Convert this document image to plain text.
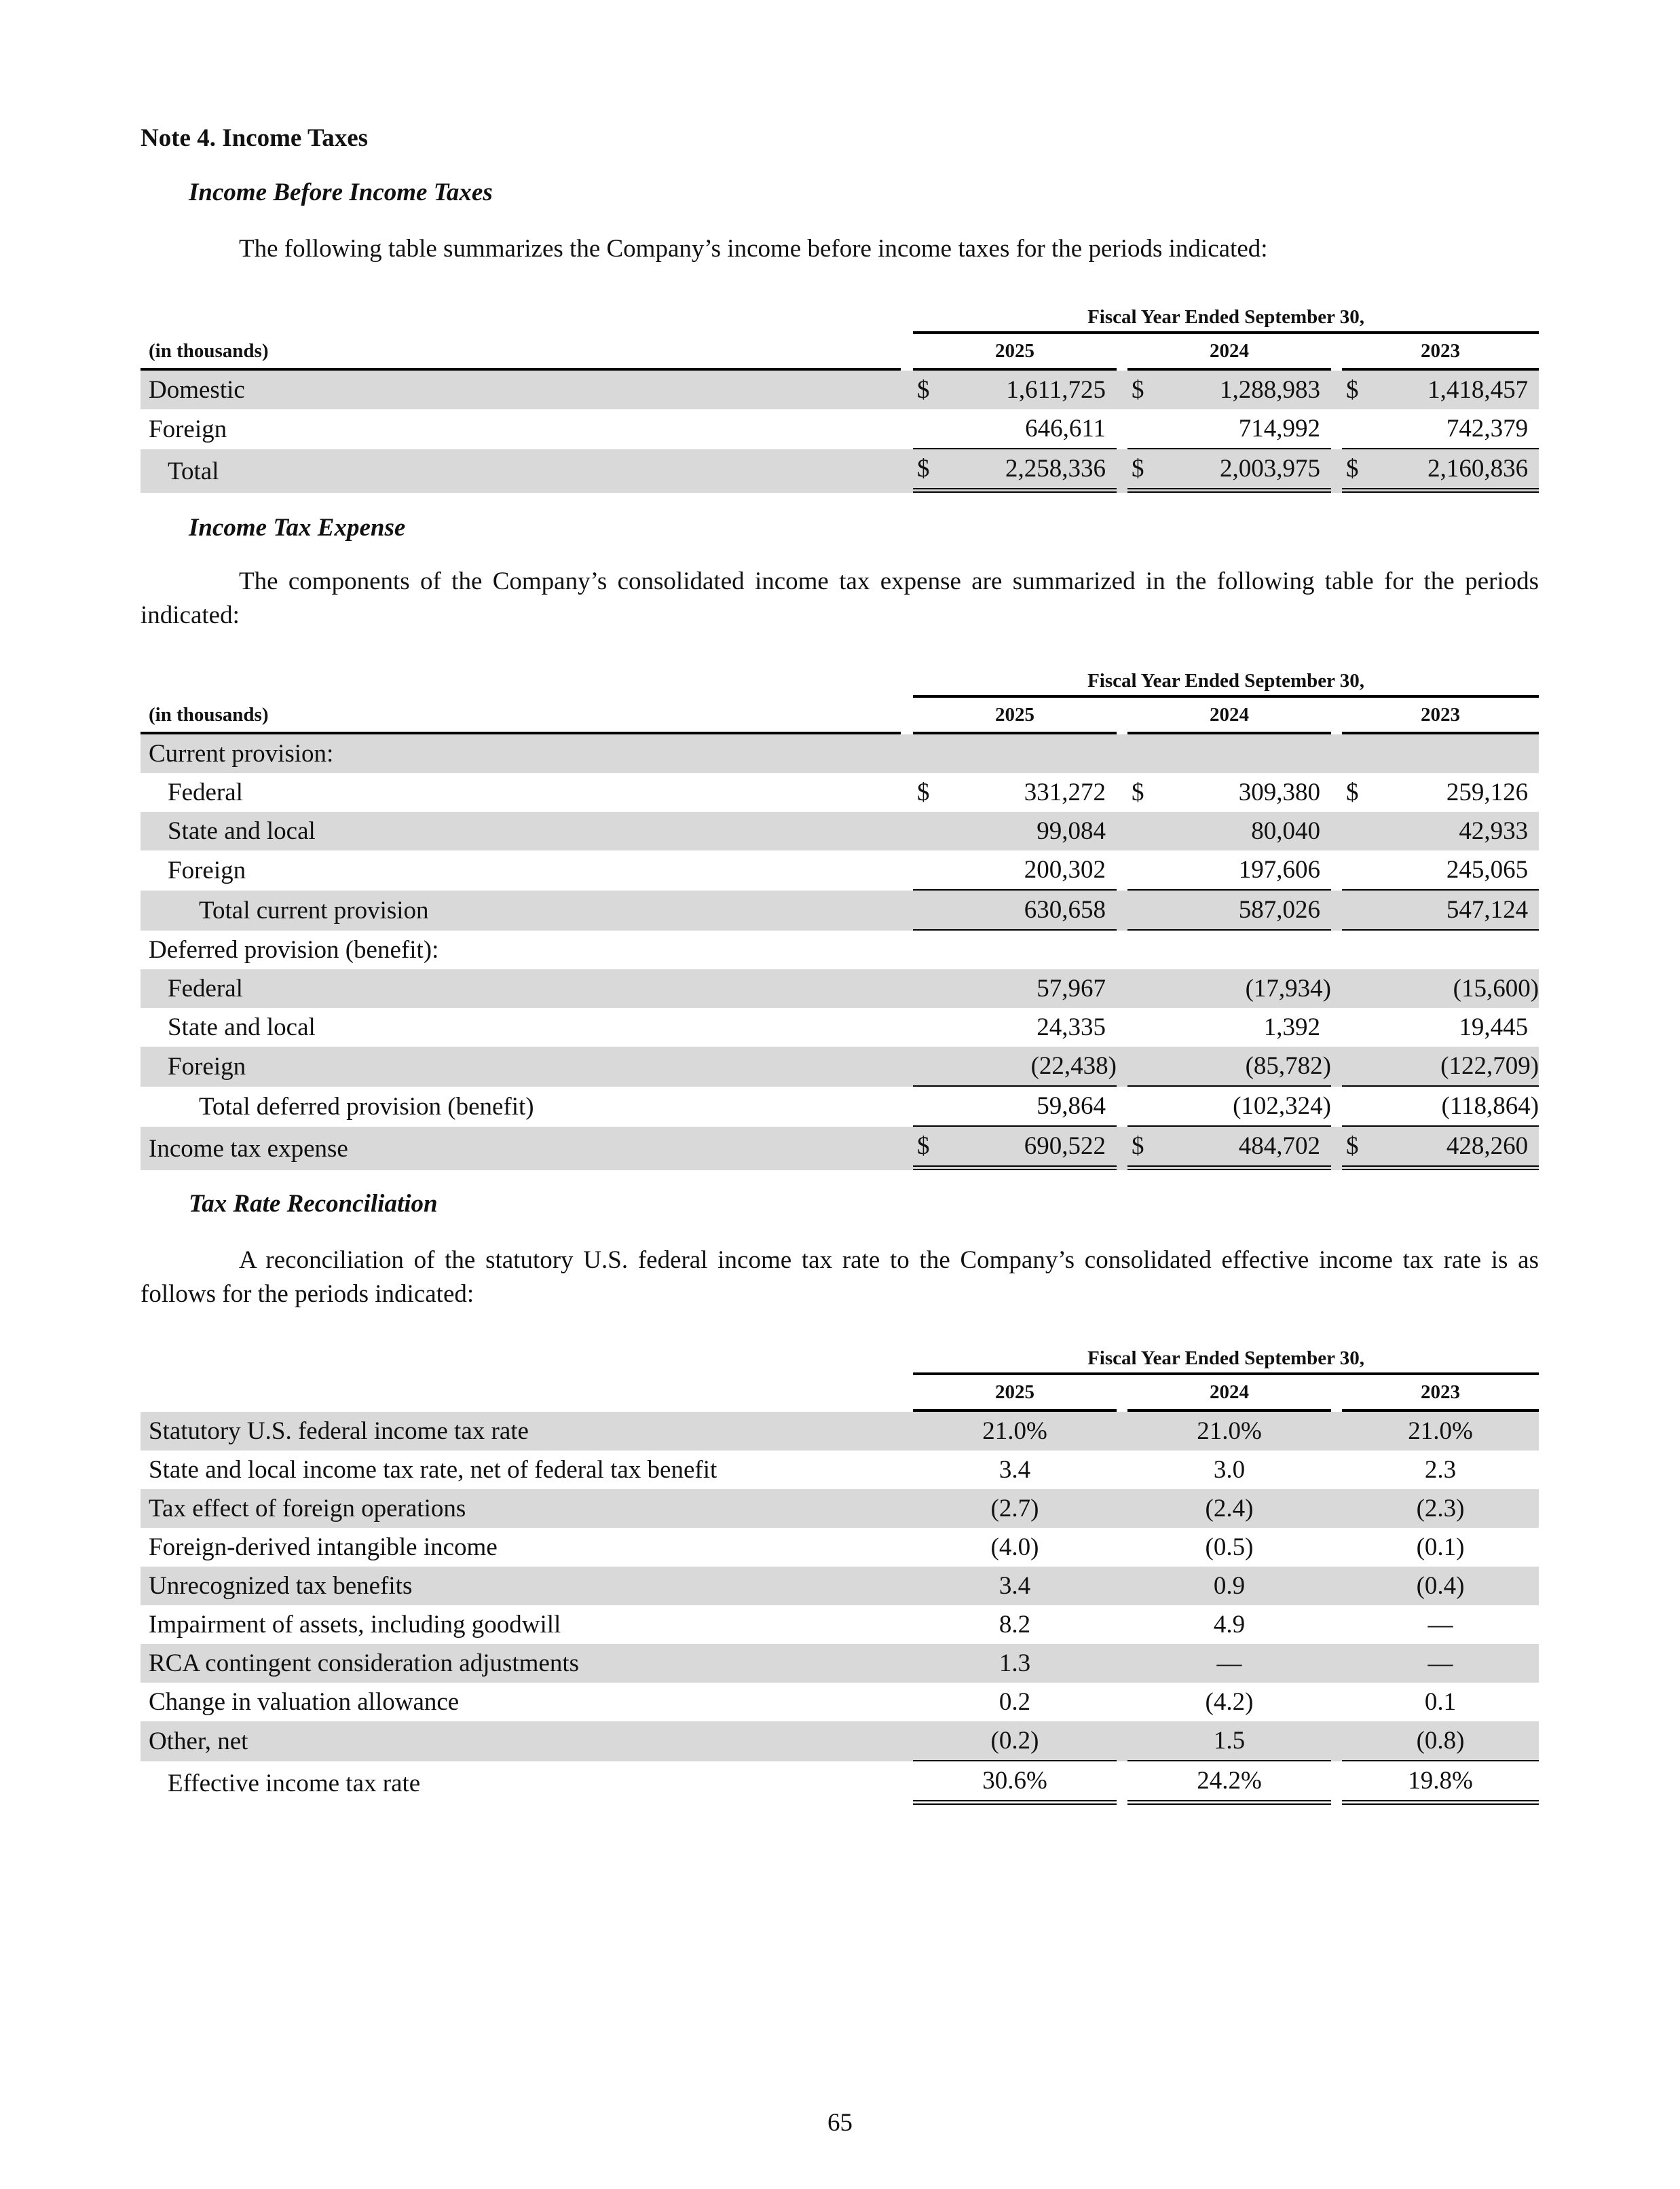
Note 4. Income Taxes
Income Before Income Taxes
The following table summarizes the Company’s income before income taxes for the periods indicated:
		Fiscal Year Ended September 30,				
(in thousands)		2025		2024		2023
Domestic		$ 1,611,725		$ 1,288,983		$ 1,418,457
Foreign		646,611		714,992		742,379
Total		$ 2,258,336		$ 2,003,975		$ 2,160,836
Income Tax Expense
The components of the Company’s consolidated income tax expense are summarized in the following table for the periods indicated:
		Fiscal Year Ended September 30,				
(in thousands)		2025		2024		2023
Current provision:						
Federal		$ 331,272		$ 309,380		$ 259,126
State and local		99,084		80,040		42,933
Foreign		200,302		197,606		245,065
Total current provision		630,658		587,026		547,124
Deferred provision (benefit):						
Federal		57,967		(17,934)		(15,600)
State and local		24,335		1,392		19,445
Foreign		(22,438)		(85,782)		(122,709)
Total deferred provision (benefit)		59,864		(102,324)		(118,864)
Income tax expense		$ 690,522		$ 484,702		$ 428,260
Tax Rate Reconciliation
A reconciliation of the statutory U.S. federal income tax rate to the Company’s consolidated effective income tax rate is as follows for the periods indicated:
		Fiscal Year Ended September 30,				
		2025		2024		2023
Statutory U.S. federal income tax rate		21.0%		21.0%		21.0%
State and local income tax rate, net of federal tax benefit		3.4		3.0		2.3
Tax effect of foreign operations		(2.7)		(2.4)		(2.3)
Foreign-derived intangible income		(4.0)		(0.5)		(0.1)
Unrecognized tax benefits		3.4		0.9		(0.4)
Impairment of assets, including goodwill		8.2		4.9		—
RCA contingent consideration adjustments		1.3		—		—
Change in valuation allowance		0.2		(4.2)		0.1
Other, net		(0.2)		1.5		(0.8)
Effective income tax rate		30.6%		24.2%		19.8%
65
